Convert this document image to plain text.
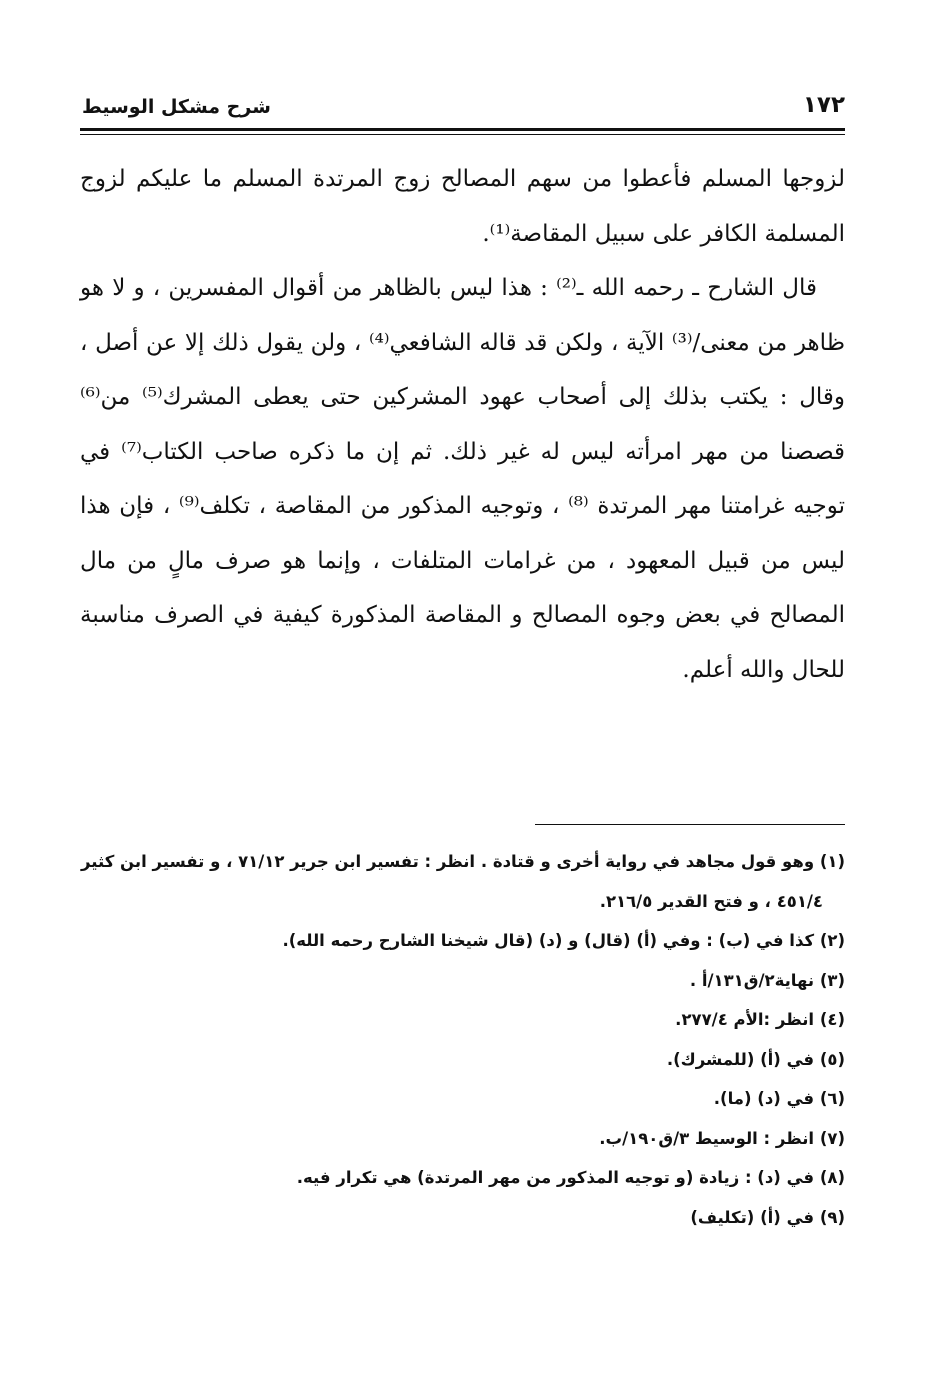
١٧٢
شرح مشكل الوسيط

لزوجها المسلم فأعطوا من سهم المصالح زوج المرتدة المسلم ما عليكم لزوج المسلمة الكافر على سبيل المقاصة⁽¹⁾.

قال الشارح ـ رحمه الله ـ⁽²⁾ : هذا ليس بالظاهر من أقوال المفسرين ، و لا هو ظاهر من معنى/⁽³⁾ الآية ، ولكن قد قاله الشافعي⁽⁴⁾ ، ولن يقول ذلك إلا عن أصل ، وقال : يكتب بذلك إلى أصحاب عهود المشركين حتى يعطى المشرك⁽⁵⁾ من⁽⁶⁾ قصصنا من مهر امرأته ليس له غير ذلك. ثم إن ما ذكره صاحب الكتاب⁽⁷⁾ في توجيه غرامتنا مهر المرتدة ⁽⁸⁾ ، وتوجيه المذكور من المقاصة ، تكلف⁽⁹⁾ ، فإن هذا ليس من قبيل المعهود ، من غرامات المتلفات ، وإنما هو صرف مالٍ من مال المصالح في بعض وجوه المصالح و المقاصة المذكورة كيفية في الصرف مناسبة للحال والله أعلم.

(١) وهو قول مجاهد في رواية أخرى و قتادة . انظر : تفسير ابن جرير ٧١/١٢ ، و تفسير ابن كثير
٤٥١/٤ ، و فتح القدير ٢١٦/٥.

(٢) كذا في (ب) : وفي (أ) (قال) و (د) (قال شيخنا الشارح رحمه الله).

(٣) نهاية٢/ق١٣١/أ .

(٤) انظر :الأم ٢٧٧/٤.

(٥) في (أ) (للمشرك).

(٦) في (د) (ما).

(٧) انظر : الوسيط ٣/ق١٩٠/ب.

(٨) في (د) : زيادة (و توجيه المذكور من مهر المرتدة) هي تكرار فيه.

(٩) في (أ) (تكليف)
